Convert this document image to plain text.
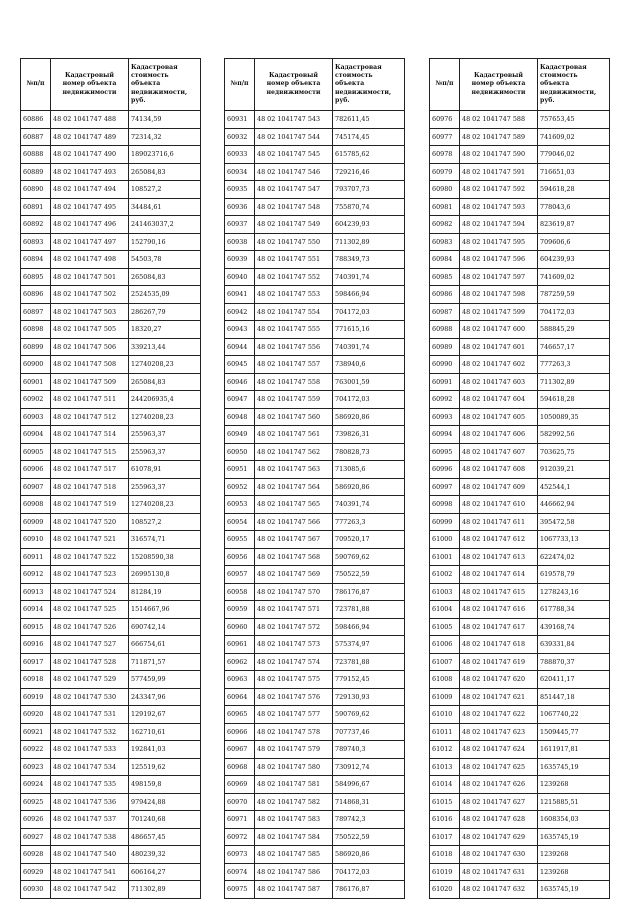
№п/п	Кадастровый номер объекта недвижимости	Кадастровая стоимость объекта недвижимости, руб.
60886	48 02 1041747 488	74134,59
60887	48 02 1041747 489	72314,32
60888	48 02 1041747 490	189023716,6
60889	48 02 1041747 493	265084,83
60890	48 02 1041747 494	108527,2
60891	48 02 1041747 495	34484,61
60892	48 02 1041747 496	241463037,2
60893	48 02 1041747 497	152790,16
60894	48 02 1041747 498	54503,78
60895	48 02 1041747 501	265084,83
60896	48 02 1041747 502	2524535,09
60897	48 02 1041747 503	286267,79
60898	48 02 1041747 505	18320,27
60899	48 02 1041747 506	339213,44
60900	48 02 1041747 508	12740208,23
60901	48 02 1041747 509	265084,83
60902	48 02 1041747 511	244206935,4
60903	48 02 1041747 512	12740208,23
60904	48 02 1041747 514	255963,37
60905	48 02 1041747 515	255963,37
60906	48 02 1041747 517	61078,91
60907	48 02 1041747 518	255963,37
60908	48 02 1041747 519	12740208,23
60909	48 02 1041747 520	108527,2
60910	48 02 1041747 521	316574,71
60911	48 02 1041747 522	15208590,38
60912	48 02 1041747 523	26995130,8
60913	48 02 1041747 524	81284,19
60914	48 02 1041747 525	1514667,96
60915	48 02 1041747 526	690742,14
60916	48 02 1041747 527	666754,61
60917	48 02 1041747 528	711871,57
60918	48 02 1041747 529	577459,99
60919	48 02 1041747 530	243347,96
60920	48 02 1041747 531	129192,67
60921	48 02 1041747 532	162710,61
60922	48 02 1041747 533	192841,03
60923	48 02 1041747 534	125519,62
60924	48 02 1041747 535	498159,8
60925	48 02 1041747 536	979424,88
60926	48 02 1041747 537	701240,68
60927	48 02 1041747 538	486657,45
60928	48 02 1041747 540	480239,32
60929	48 02 1041747 541	606164,27
60930	48 02 1041747 542	711302,89
№п/п	Кадастровый номер объекта недвижимости	Кадастровая стоимость объекта недвижимости, руб.
60931	48 02 1041747 543	782611,45
60932	48 02 1041747 544	745174,45
60933	48 02 1041747 545	615785,62
60934	48 02 1041747 546	729216,46
60935	48 02 1041747 547	793707,73
60936	48 02 1041747 548	755870,74
60937	48 02 1041747 549	604239,93
60938	48 02 1041747 550	711302,89
60939	48 02 1041747 551	788349,73
60940	48 02 1041747 552	740391,74
60941	48 02 1041747 553	598466,94
60942	48 02 1041747 554	704172,03
60943	48 02 1041747 555	771615,16
60944	48 02 1041747 556	740391,74
60945	48 02 1041747 557	738940,6
60946	48 02 1041747 558	763001,59
60947	48 02 1041747 559	704172,03
60948	48 02 1041747 560	586920,86
60949	48 02 1041747 561	739826,31
60950	48 02 1041747 562	780828,73
60951	48 02 1041747 563	713085,6
60952	48 02 1041747 564	586920,86
60953	48 02 1041747 565	740391,74
60954	48 02 1041747 566	777263,3
60955	48 02 1041747 567	709520,17
60956	48 02 1041747 568	590769,62
60957	48 02 1041747 569	750522,59
60958	48 02 1041747 570	786176,87
60959	48 02 1041747 571	723781,88
60960	48 02 1041747 572	598466,94
60961	48 02 1041747 573	575374,97
60962	48 02 1041747 574	723781,88
60963	48 02 1041747 575	779152,45
60964	48 02 1041747 576	729130,93
60965	48 02 1041747 577	590769,62
60966	48 02 1041747 578	707737,46
60967	48 02 1041747 579	789740,3
60968	48 02 1041747 580	730912,74
60969	48 02 1041747 581	584996,67
60970	48 02 1041747 582	714868,31
60971	48 02 1041747 583	789742,3
60972	48 02 1041747 584	750522,59
60973	48 02 1041747 585	586920,86
60974	48 02 1041747 586	704172,03
60975	48 02 1041747 587	786176,87
№п/п	Кадастровый номер объекта недвижимости	Кадастровая стоимость объекта недвижимости, руб.
60976	48 02 1041747 588	757653,45
60977	48 02 1041747 589	741609,02
60978	48 02 1041747 590	779046,02
60979	48 02 1041747 591	716651,03
60980	48 02 1041747 592	594618,28
60981	48 02 1041747 593	778043,6
60982	48 02 1041747 594	823619,87
60983	48 02 1041747 595	709606,6
60984	48 02 1041747 596	604239,93
60985	48 02 1041747 597	741609,02
60986	48 02 1041747 598	787259,59
60987	48 02 1041747 599	704172,03
60988	48 02 1041747 600	588845,29
60989	48 02 1041747 601	746657,17
60990	48 02 1041747 602	777263,3
60991	48 02 1041747 603	711302,89
60992	48 02 1041747 604	594618,28
60993	48 02 1041747 605	1050089,35
60994	48 02 1041747 606	582992,56
60995	48 02 1041747 607	703625,75
60996	48 02 1041747 608	912039,21
60997	48 02 1041747 609	452544,1
60998	48 02 1041747 610	446662,94
60999	48 02 1041747 611	395472,58
61000	48 02 1041747 612	1067733,13
61001	48 02 1041747 613	622474,02
61002	48 02 1041747 614	619578,79
61003	48 02 1041747 615	1278243,16
61004	48 02 1041747 616	617788,34
61005	48 02 1041747 617	439168,74
61006	48 02 1041747 618	639331,84
61007	48 02 1041747 619	788870,37
61008	48 02 1041747 620	620411,17
61009	48 02 1041747 621	851447,18
61010	48 02 1041747 622	1067740,22
61011	48 02 1041747 623	1509445,77
61012	48 02 1041747 624	1611917,81
61013	48 02 1041747 625	1635745,19
61014	48 02 1041747 626	1239268
61015	48 02 1041747 627	1215885,51
61016	48 02 1041747 628	1608354,03
61017	48 02 1041747 629	1635745,19
61018	48 02 1041747 630	1239268
61019	48 02 1041747 631	1239268
61020	48 02 1041747 632	1635745,19
